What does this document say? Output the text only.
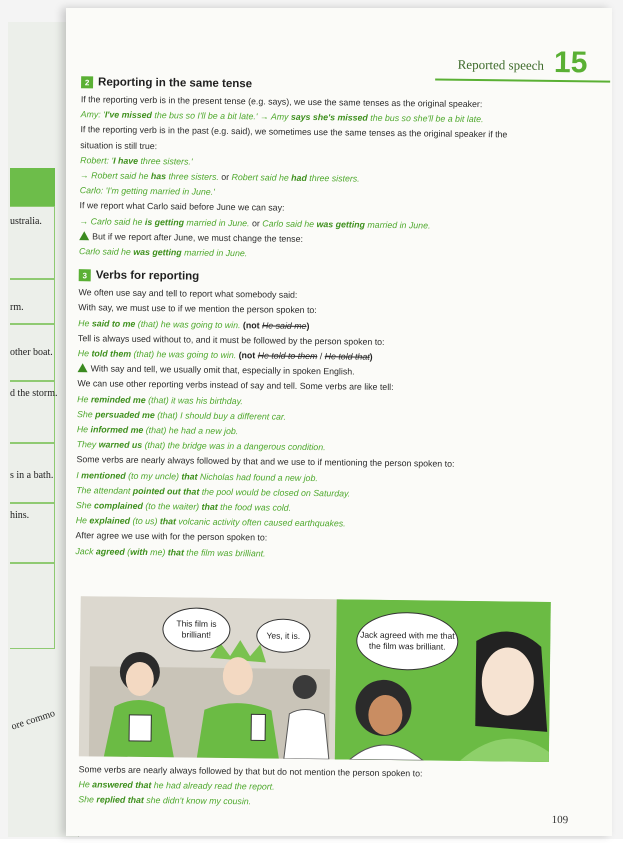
ustralia.
rm.
other boat.
d the storm.
s in a bath.
hins.
ore commo
Reported speech 15
2 Reporting in the same tense
If the reporting verb is in the present tense (e.g. says), we use the same tenses as the original speaker:
Amy: 'I've missed the bus so I'll be a bit late.' → Amy says she's missed the bus so she'll be a bit late.
If the reporting verb is in the past (e.g. said), we sometimes use the same tenses as the original speaker if the
situation is still true:
Robert: 'I have three sisters.'
→ Robert said he has three sisters. or Robert said he had three sisters.
Carlo: 'I'm getting married in June.'
If we report what Carlo said before June we can say:
→ Carlo said he is getting married in June. or Carlo said he was getting married in June.
But if we report after June, we must change the tense:
Carlo said he was getting married in June.
3 Verbs for reporting
We often use say and tell to report what somebody said:
With say, we must use to if we mention the person spoken to:
He said to me (that) he was going to win. (not He said me)
Tell is always used without to, and it must be followed by the person spoken to:
He told them (that) he was going to win. (not He told to them / He told that)
With say and tell, we usually omit that, especially in spoken English.
We can use other reporting verbs instead of say and tell. Some verbs are like tell:
He reminded me (that) it was his birthday.
She persuaded me (that) I should buy a different car.
He informed me (that) he had a new job.
They warned us (that) the bridge was in a dangerous condition.
Some verbs are nearly always followed by that and we use to if mentioning the person spoken to:
I mentioned (to my uncle) that Nicholas had found a new job.
The attendant pointed out that the pool would be closed on Saturday.
She complained (to the waiter) that the food was cold.
He explained (to us) that volcanic activity often caused earthquakes.
After agree we use with for the person spoken to:
Jack agreed (with me) that the film was brilliant.
This film is brilliant!	Yes, it is.	Jack agreed with me that the film was brilliant.
Some verbs are nearly always followed by that but do not mention the person spoken to:
He answered that he had already read the report.
She replied that she didn't know my cousin.
109
